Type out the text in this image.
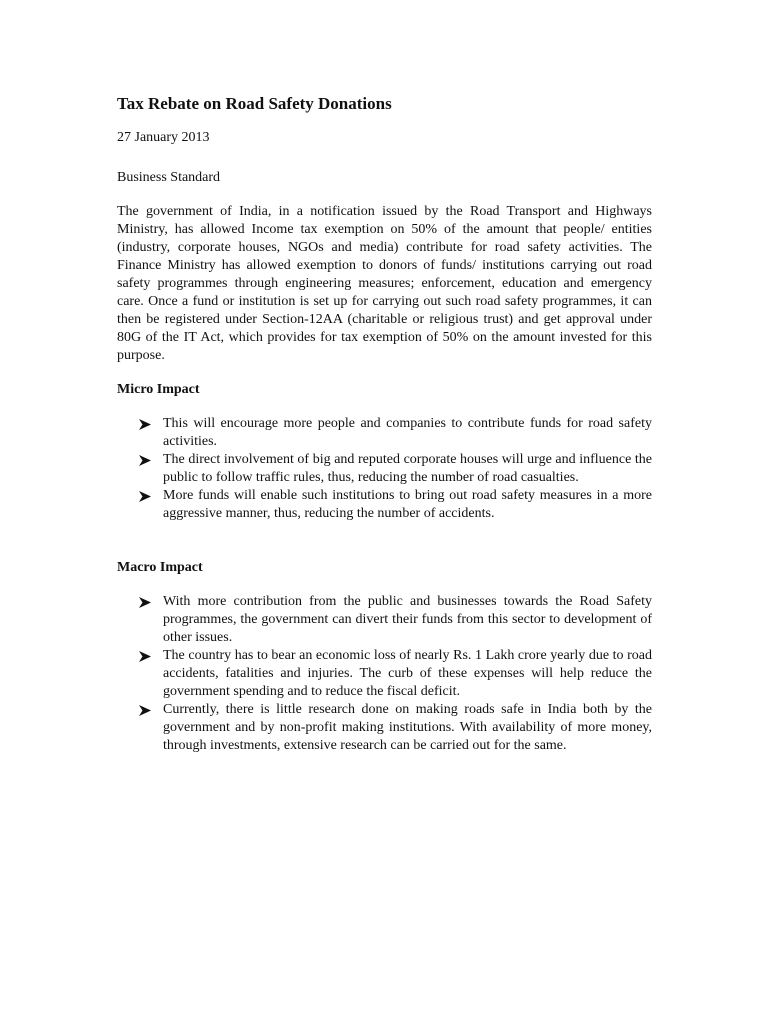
Tax Rebate on Road Safety Donations

27 January 2013

Business Standard

The government of India, in a notification issued by the Road Transport and Highways Ministry, has allowed Income tax exemption on 50% of the amount that people/ entities (industry, corporate houses, NGOs and media) contribute for road safety activities. The Finance Ministry has allowed exemption to donors of funds/ institutions carrying out road safety programmes through engineering measures; enforcement, education and emergency care. Once a fund or institution is set up for carrying out such road safety programmes, it can then be registered under Section-12AA (charitable or religious trust) and get approval under 80G of the IT Act, which provides for tax exemption of 50% on the amount invested for this purpose.

Micro Impact
This will encourage more people and companies to contribute funds for road safety activities.
The direct involvement of big and reputed corporate houses will urge and influence the public to follow traffic rules, thus, reducing the number of road casualties.
More funds will enable such institutions to bring out road safety measures in a more aggressive manner, thus, reducing the number of accidents.
Macro Impact
With more contribution from the public and businesses towards the Road Safety programmes, the government can divert their funds from this sector to development of other issues.
The country has to bear an economic loss of nearly Rs. 1 Lakh crore yearly due to road accidents, fatalities and injuries. The curb of these expenses will help reduce the government spending and to reduce the fiscal deficit.
Currently, there is little research done on making roads safe in India both by the government and by non-profit making institutions. With availability of more money, through investments, extensive research can be carried out for the same.
